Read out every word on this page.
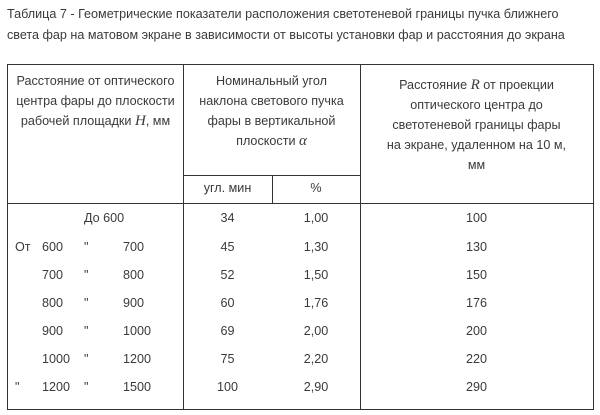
Таблица 7 - Геометрические показатели расположения светотеневой границы пучка ближнего
света фар на матовом экране в зависимости от высоты установки фар и расстояния до экрана
Расстояние от оптического
центра фары до плоскости
рабочей площадки H, мм
Номинальный угол
наклона светового пучка
фары в вертикальной
плоскости α
угл. мин	%
Расстояние R от проекции
оптического центра до
светотеневой границы фары
на экране, удаленном на 10 м,
мм
До 600	34	1,00	100
От 600 "	700	45	1,30	130
700 "	800	52	1,50	150
800 "	900	60	1,76	176
900 "	1000	69	2,00	200
1000 "	1200	75	2,20	220
" 1200 "	1500	100	2,90	290
